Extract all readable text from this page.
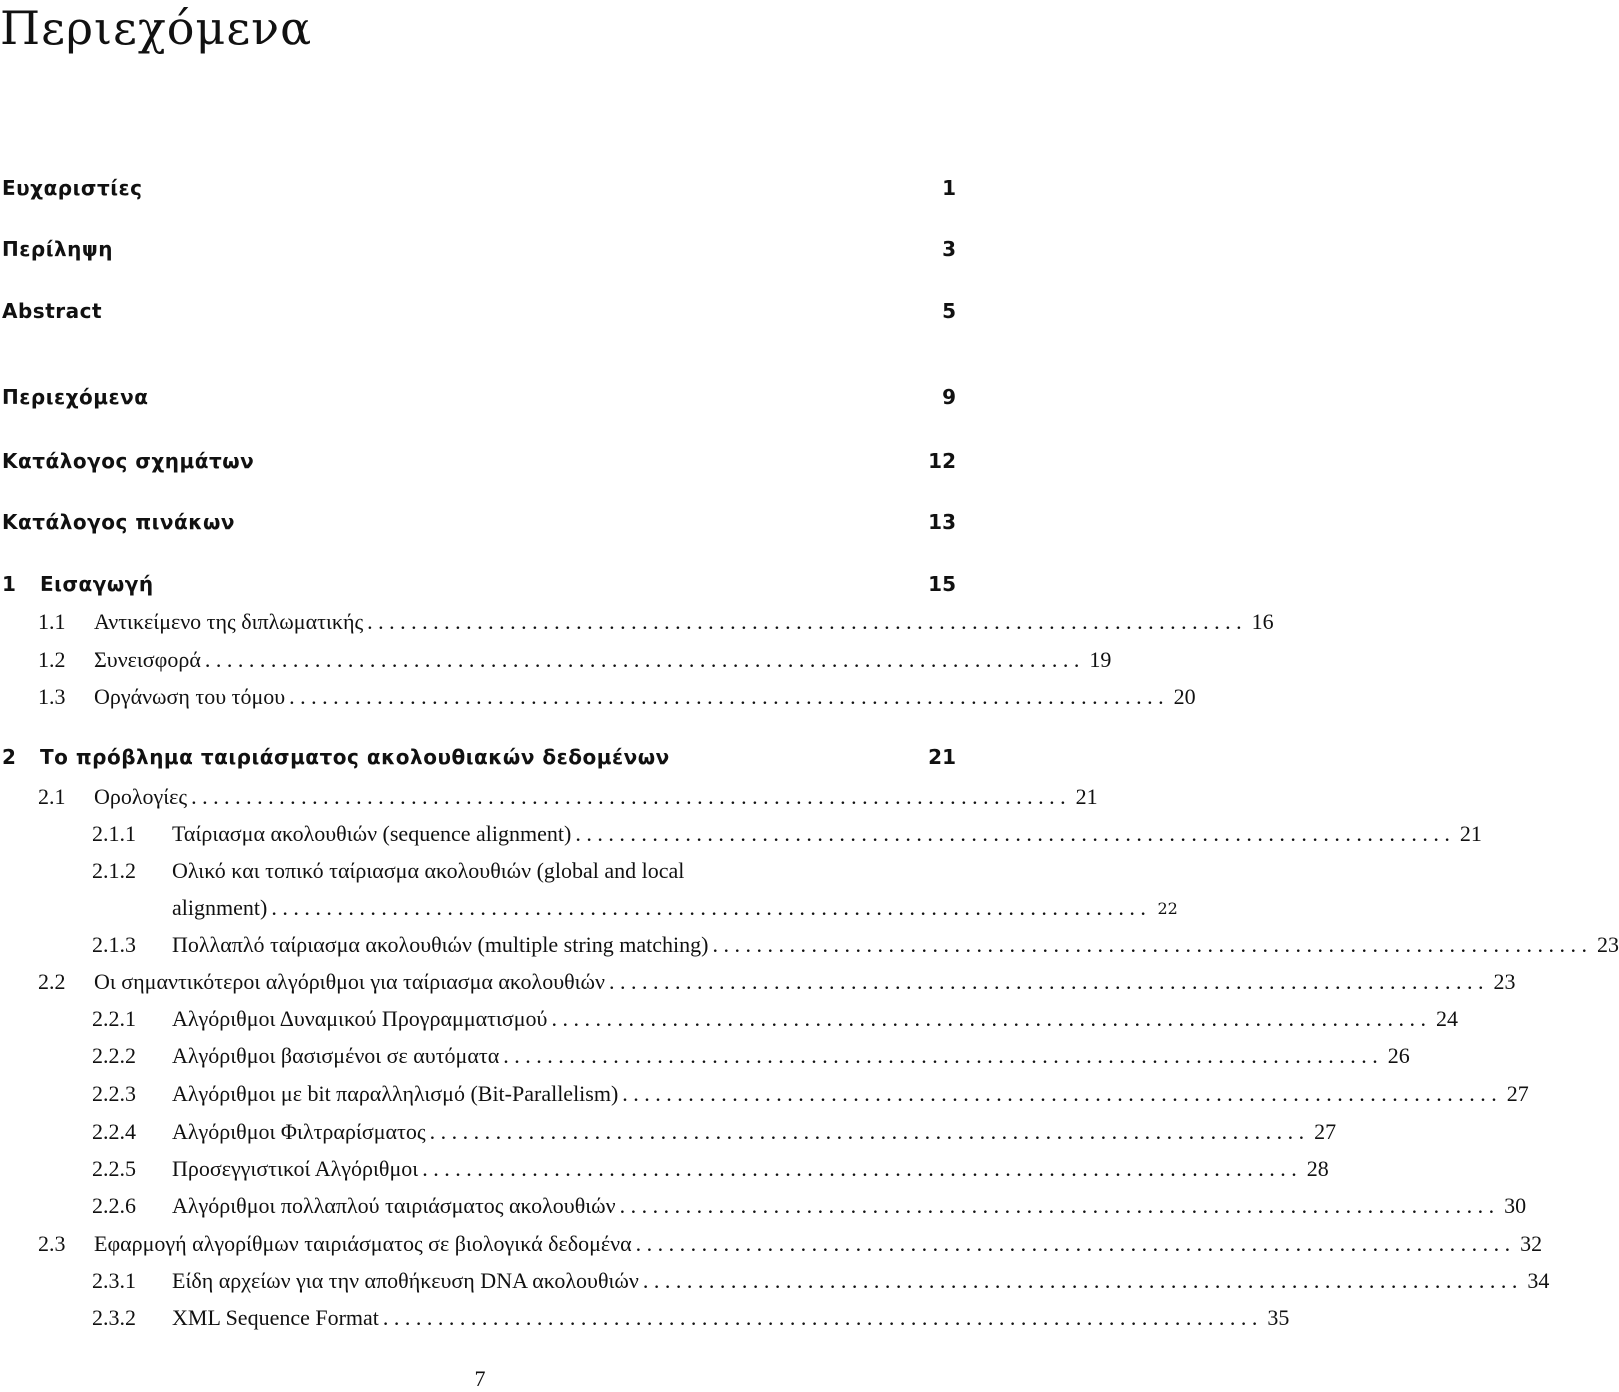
Περιεχόμενα
Ευχαριστίες	1
Περίληψη	3
Abstract	5
Περιεχόμενα	9
Κατάλογος σχημάτων	12
Κατάλογος πινάκων	13
1	Εισαγωγή	15
1.1	Αντικείμενο της διπλωματικής . . . . . . . . . . . . . . . . . . . . . . . . . . . . . . . . . . . . . . . . . . . . . . . . . . . . . . . . . . . . . . . . . . . . . . . . . . . . . . . . 16
1.2	Συνεισφορά . . . . . . . . . . . . . . . . . . . . . . . . . . . . . . . . . . . . . . . . . . . . . . . . . . . . . . . . . . . . . . . . . . . . . . . . . . . . . . . . 19
1.3	Οργάνωση του τόμου . . . . . . . . . . . . . . . . . . . . . . . . . . . . . . . . . . . . . . . . . . . . . . . . . . . . . . . . . . . . . . . . . . . . . . . . . . . . . . . . 20
2	Το πρόβλημα ταιριάσματος ακολουθιακών δεδομένων	21
2.1	Ορολογίες . . . . . . . . . . . . . . . . . . . . . . . . . . . . . . . . . . . . . . . . . . . . . . . . . . . . . . . . . . . . . . . . . . . . . . . . . . . . . . . . 21
2.1.1	Ταίριασμα ακολουθιών (sequence alignment) . . . . . . . . . . . . . . . . . . . . . . . . . . . . . . . . . . . . . . . . . . . . . . . . . . . . . . . . . . . . . . . . . . . . . . . . . . . . . . . . 21
2.1.2	Ολικό και τοπικό ταίριασμα ακολουθιών (global and local
alignment) . . . . . . . . . . . . . . . . . . . . . . . . . . . . . . . . . . . . . . . . . . . . . . . . . . . . . . . . . . . . . . . . . . . . . . . . . . . . . . . . 22
2.1.3	Πολλαπλό ταίριασμα ακολουθιών (multiple string matching) . . . . . . . . . . . . . . . . . . . . . . . . . . . . . . . . . . . . . . . . . . . . . . . . . . . . . . . . . . . . . . . . . . . . . . . . . . . . . . . . 23
2.2	Οι σημαντικότεροι αλγόριθμοι για ταίριασμα ακολουθιών . . . . . . . . . . . . . . . . . . . . . . . . . . . . . . . . . . . . . . . . . . . . . . . . . . . . . . . . . . . . . . . . . . . . . . . . . . . . . . . . 23
2.2.1	Αλγόριθμοι Δυναμικού Προγραμματισμού . . . . . . . . . . . . . . . . . . . . . . . . . . . . . . . . . . . . . . . . . . . . . . . . . . . . . . . . . . . . . . . . . . . . . . . . . . . . . . . . 24
2.2.2	Αλγόριθμοι βασισμένοι σε αυτόματα . . . . . . . . . . . . . . . . . . . . . . . . . . . . . . . . . . . . . . . . . . . . . . . . . . . . . . . . . . . . . . . . . . . . . . . . . . . . . . . . 26
2.2.3	Αλγόριθμοι με bit παραλληλισμό (Bit-Parallelism) . . . . . . . . . . . . . . . . . . . . . . . . . . . . . . . . . . . . . . . . . . . . . . . . . . . . . . . . . . . . . . . . . . . . . . . . . . . . . . . . 27
2.2.4	Αλγόριθμοι Φιλτραρίσματος . . . . . . . . . . . . . . . . . . . . . . . . . . . . . . . . . . . . . . . . . . . . . . . . . . . . . . . . . . . . . . . . . . . . . . . . . . . . . . . . 27
2.2.5	Προσεγγιστικοί Αλγόριθμοι . . . . . . . . . . . . . . . . . . . . . . . . . . . . . . . . . . . . . . . . . . . . . . . . . . . . . . . . . . . . . . . . . . . . . . . . . . . . . . . . 28
2.2.6	Αλγόριθμοι πολλαπλού ταιριάσματος ακολουθιών . . . . . . . . . . . . . . . . . . . . . . . . . . . . . . . . . . . . . . . . . . . . . . . . . . . . . . . . . . . . . . . . . . . . . . . . . . . . . . . . 30
2.3	Εφαρμογή αλγορίθμων ταιριάσματος σε βιολογικά δεδομένα . . . . . . . . . . . . . . . . . . . . . . . . . . . . . . . . . . . . . . . . . . . . . . . . . . . . . . . . . . . . . . . . . . . . . . . . . . . . . . . . 32
2.3.1	Είδη αρχείων για την αποθήκευση DNA ακολουθιών . . . . . . . . . . . . . . . . . . . . . . . . . . . . . . . . . . . . . . . . . . . . . . . . . . . . . . . . . . . . . . . . . . . . . . . . . . . . . . . . 34
2.3.2	XML Sequence Format . . . . . . . . . . . . . . . . . . . . . . . . . . . . . . . . . . . . . . . . . . . . . . . . . . . . . . . . . . . . . . . . . . . . . . . . . . . . . . . . 35
7
